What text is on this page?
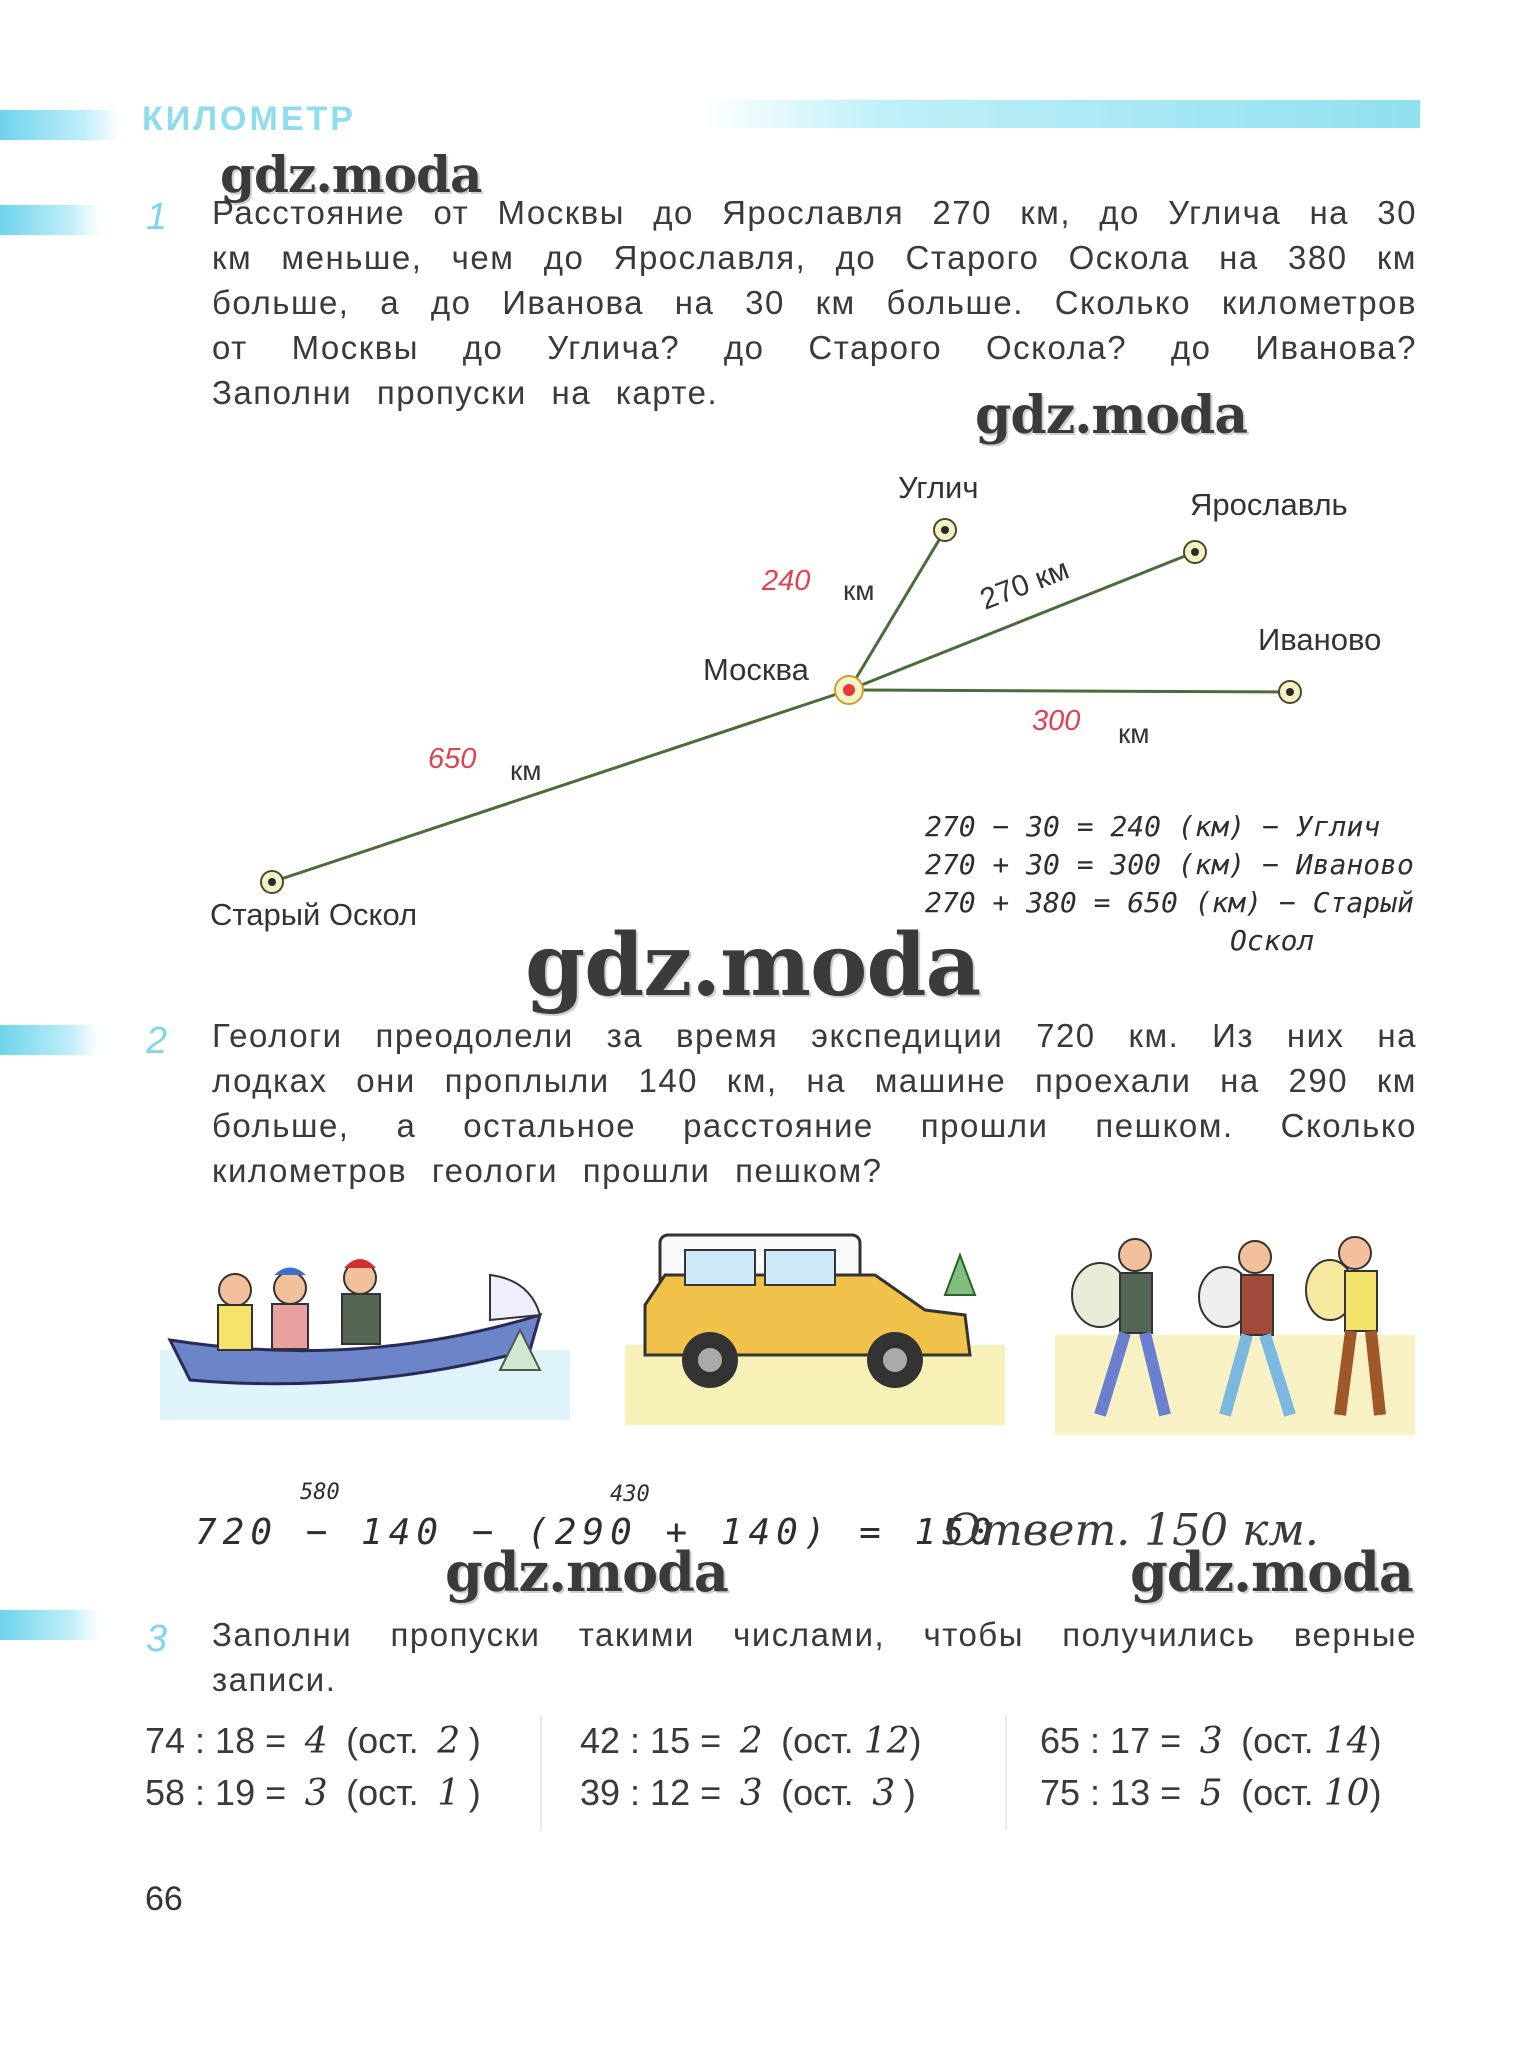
КИЛОМЕТР
gdz.moda
gdz.moda
gdz.moda
gdz.moda	gdz.moda
1 Расстояние от Москвы до Ярославля 270 км, до Углича на 30 км меньше, чем до Ярославля, до Старого Оскола на 380 км больше, а до Иванова на 30 км больше. Сколько километров от Москвы до Углича? до Старого Оскола? до Иванова? Заполни пропуски на карте.
Углич	Ярославль
Москва
Иваново
Старый Оскол
240 км	270 км
300 км
650 км
270 − 30 = 240 (км) − Углич
270 + 30 = 300 (км) − Иваново
270 + 380 = 650 (км) − Старый
Оскол
2 Геологи преодолели за время экспедиции 720 км. Из них на лодках они проплыли 140 км, на машине проехали на 290 км больше, а остальное расстояние прошли пешком. Сколько километров геологи прошли пешком?
580	430
720 − 140 − (290 + 140) = 150
Ответ. 150 км.
3 Заполни пропуски такими числами, чтобы получились верные записи.
74 : 18 = 4 (ост. 2 )	42 : 15 = 2 (ост. 12)	65 : 17 = 3 (ост. 14)
58 : 19 = 3 (ост. 1 )	39 : 12 = 3 (ост. 3 )	75 : 13 = 5 (ост. 10)
66
